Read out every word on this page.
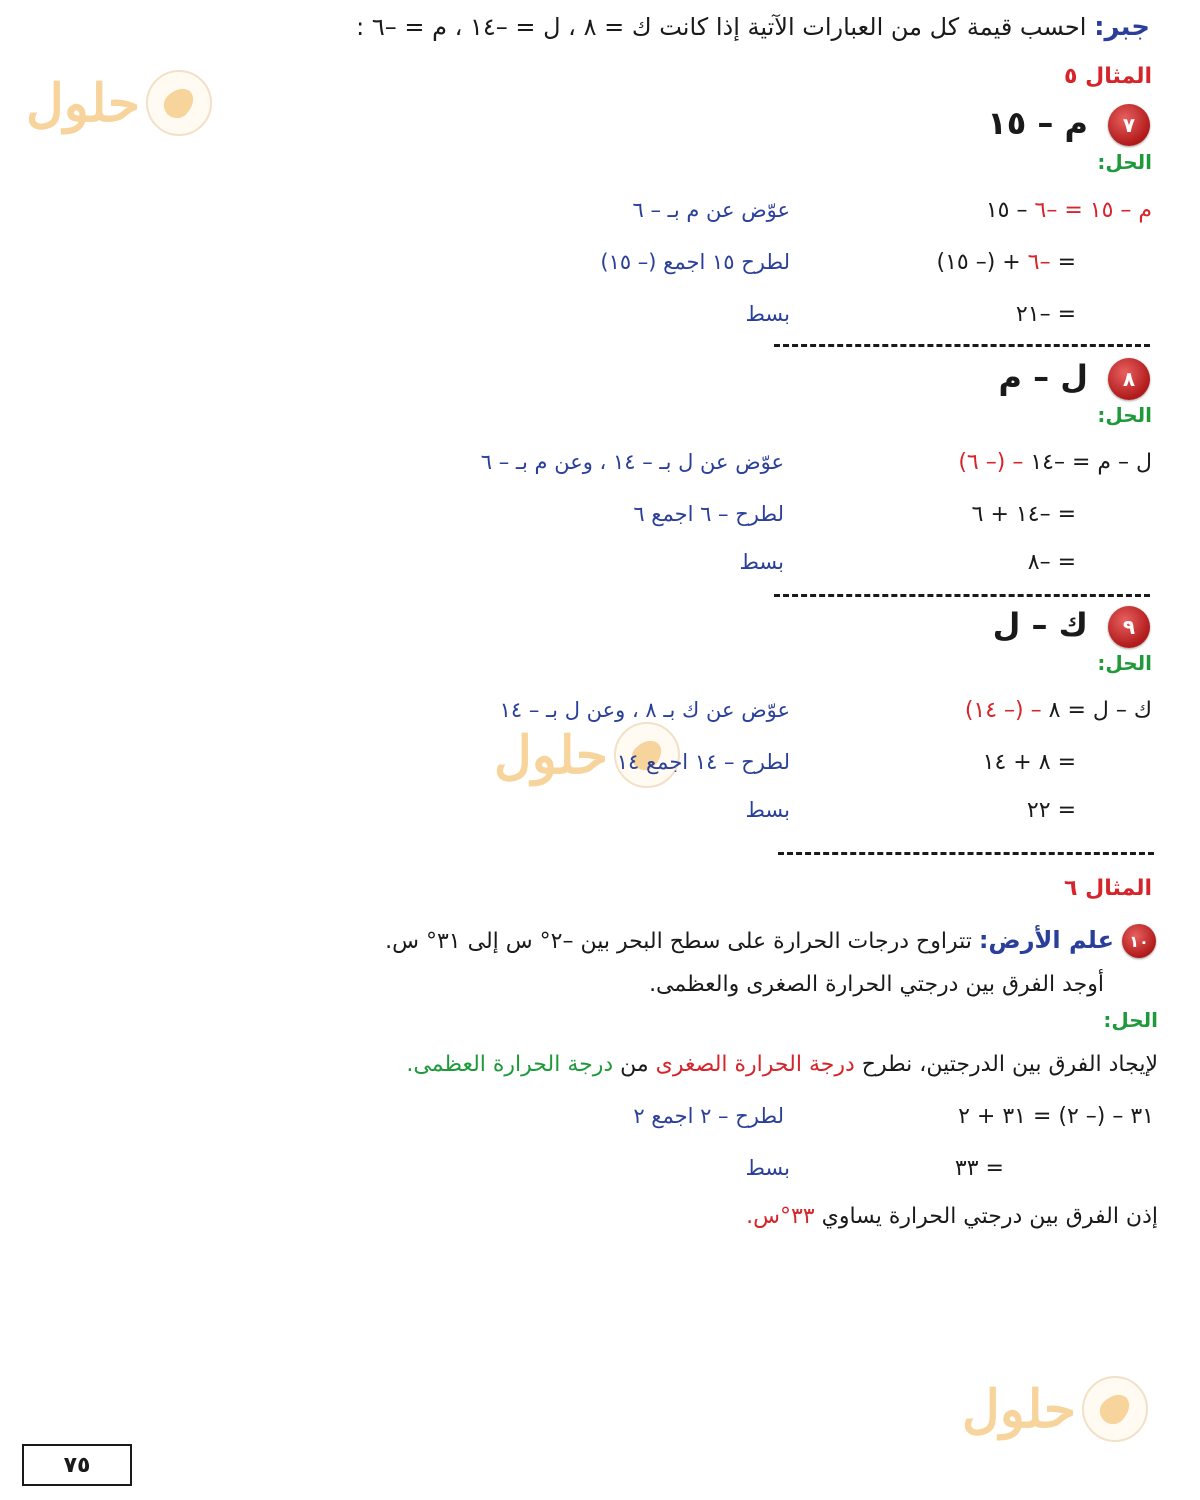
جبر: احسب قيمة كل من العبارات الآتية إذا كانت ك = ٨ ، ل = –١٤ ، م = –٦ :
حلول
حلول
حلول
المثال ٥
٧
م – ١٥
الحل:
م – ١٥ = –٦ – ١٥
عوّض عن م بـ – ٦
= –٦ + (– ١٥)
لطرح ١٥ اجمع (– ١٥)
= –٢١
بسط
٨
ل – م
الحل:
ل – م = –١٤ – (– ٦)
عوّض عن ل بـ – ١٤ ، وعن م بـ – ٦
= –١٤ + ٦
لطرح – ٦ اجمع ٦
= –٨
بسط
٩
ك – ل
الحل:
ك – ل = ٨ – (– ١٤)
عوّض عن ك بـ ٨ ، وعن ل بـ – ١٤
= ٨ + ١٤
لطرح – ١٤ اجمع ١٤
= ٢٢
بسط
المثال ٦
١٠
علم الأرض: تتراوح درجات الحرارة على سطح البحر بين –٢° س إلى ٣١° س.
أوجد الفرق بين درجتي الحرارة الصغرى والعظمى.
الحل:
لإيجاد الفرق بين الدرجتين، نطرح درجة الحرارة الصغرى من درجة الحرارة العظمى.
٣١ – (– ٢) = ٣١ + ٢
لطرح – ٢ اجمع ٢
= ٣٣
بسط
إذن الفرق بين درجتي الحرارة يساوي ٣٣°س.
٧٥
